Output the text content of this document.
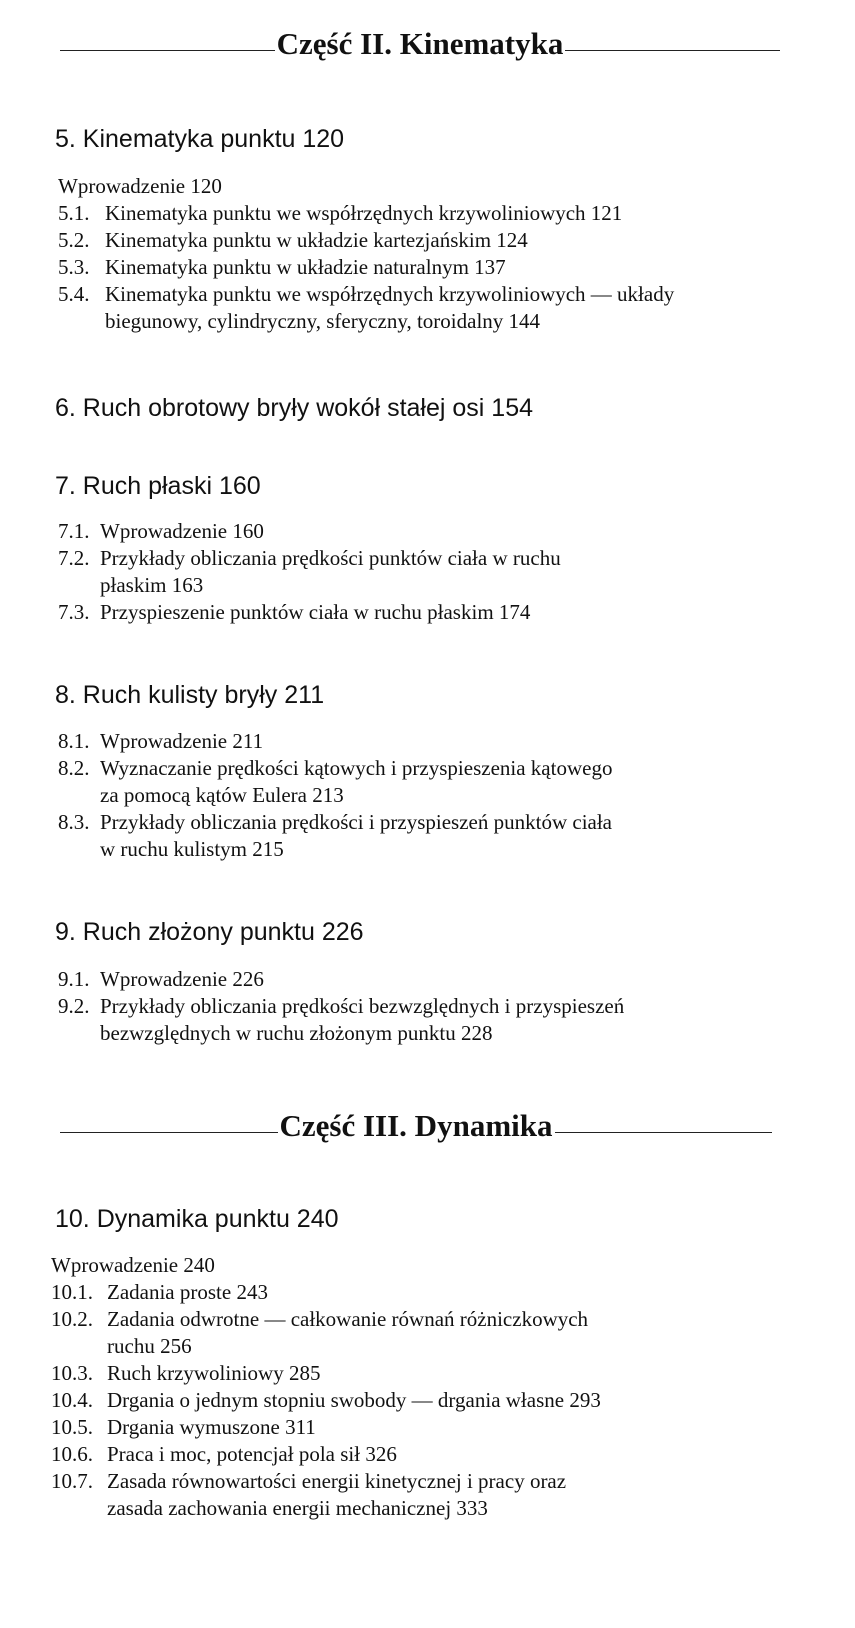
Część II. Kinematyka
5. Kinematyka punktu 120
Wprowadzenie 120
5.1. Kinematyka punktu we współrzędnych krzywoliniowych 121
5.2. Kinematyka punktu w układzie kartezjańskim 124
5.3. Kinematyka punktu w układzie naturalnym 137
5.4. Kinematyka punktu we współrzędnych krzywoliniowych — układy
biegunowy, cylindryczny, sferyczny, toroidalny 144
6. Ruch obrotowy bryły wokół stałej osi 154
7. Ruch płaski 160
7.1. Wprowadzenie 160
7.2. Przykłady obliczania prędkości punktów ciała w ruchu
płaskim 163
7.3. Przyspieszenie punktów ciała w ruchu płaskim 174
8. Ruch kulisty bryły 211
8.1. Wprowadzenie 211
8.2. Wyznaczanie prędkości kątowych i przyspieszenia kątowego
za pomocą kątów Eulera 213
8.3. Przykłady obliczania prędkości i przyspieszeń punktów ciała
w ruchu kulistym 215
9. Ruch złożony punktu 226
9.1. Wprowadzenie 226
9.2. Przykłady obliczania prędkości bezwzględnych i przyspieszeń
bezwzględnych w ruchu złożonym punktu 228
Część III. Dynamika
10. Dynamika punktu 240
Wprowadzenie 240
10.1. Zadania proste 243
10.2. Zadania odwrotne — całkowanie równań różniczkowych
ruchu 256
10.3. Ruch krzywoliniowy 285
10.4. Drgania o jednym stopniu swobody — drgania własne 293
10.5. Drgania wymuszone 311
10.6. Praca i moc, potencjał pola sił 326
10.7. Zasada równowartości energii kinetycznej i pracy oraz
zasada zachowania energii mechanicznej 333
